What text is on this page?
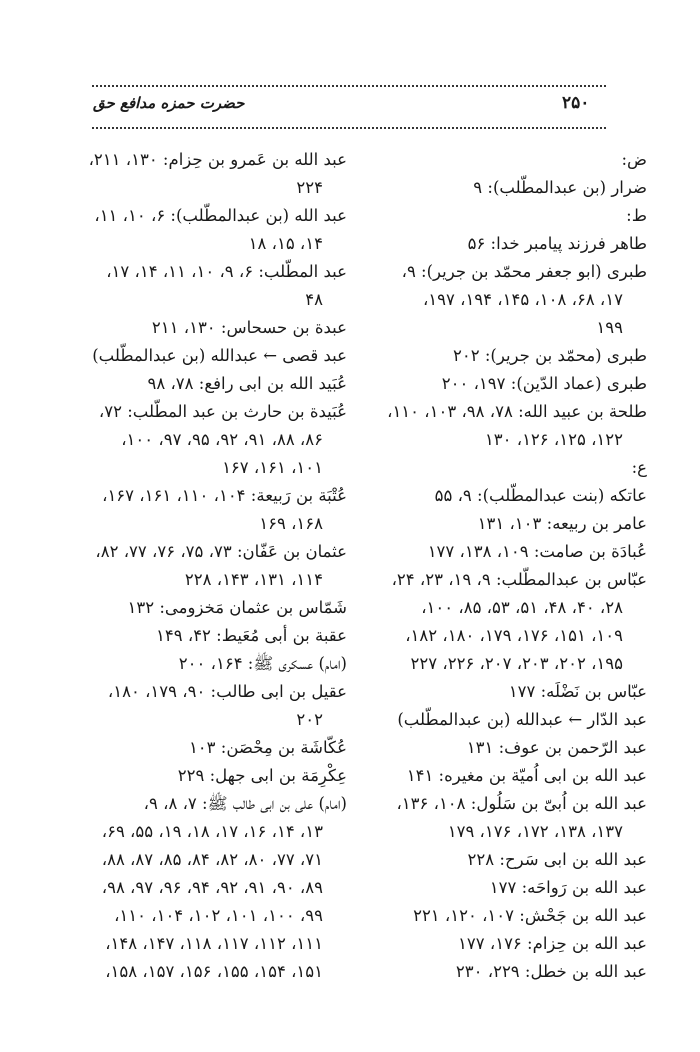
حضرت حمزه مدافع حق	۲۵۰
ض:
ضرار (بن عبدالمطّلب): ۹
ط:
طاهر فرزند پیامبر خدا: ۵۶
طبری (ابو جعفر محمّد بن جریر): ۹،
۱۷، ۶۸، ۱۰۸، ۱۴۵، ۱۹۴، ۱۹۷،
۱۹۹
طبری (محمّد بن جریر): ۲۰۲
طبری (عماد الدّین): ۱۹۷، ۲۰۰
طلحة بن عبید الله: ۷۸، ۹۸، ۱۰۳، ۱۱۰،
۱۲۲، ۱۲۵، ۱۲۶، ۱۳۰
ع:
عاتکه (بنت عبدالمطّلب): ۹، ۵۵
عامر بن ربیعه: ۱۰۳، ۱۳۱
عُبادَة بن صامت: ۱۰۹، ۱۳۸، ۱۷۷
عبّاس بن عبدالمطّلب: ۹، ۱۹، ۲۳، ۲۴،
۲۸، ۴۰، ۴۸، ۵۱، ۵۳، ۸۵، ۱۰۰،
۱۰۹، ۱۵۱، ۱۷۶، ۱۷۹، ۱۸۰، ۱۸۲،
۱۹۵، ۲۰۲، ۲۰۳، ۲۰۷، ۲۲۶، ۲۲۷
عبّاس بن نَضْلَه: ۱۷۷
عبد الدّار ← عبدالله (بن عبدالمطّلب)
عبد الرّحمن بن عوف: ۱۳۱
عبد الله بن ابی اُمیّة بن مغیره: ۱۴۱
عبد الله بن اُبیّ بن سَلُول: ۱۰۸، ۱۳۶،
۱۳۷، ۱۳۸، ۱۷۲، ۱۷۶، ۱۷۹
عبد الله بن ابی سَرح: ۲۲۸
عبد الله بن رَواحَه: ۱۷۷
عبد الله بن جَحْش: ۱۰۷، ۱۲۰، ۲۲۱
عبد الله بن حِزام: ۱۷۶، ۱۷۷
عبد الله بن خطل: ۲۲۹، ۲۳۰
عبد الله بن عَمرو بن حِزام: ۱۳۰، ۲۱۱،
۲۲۴
عبد الله (بن عبدالمطّلب): ۶، ۱۰، ۱۱،
۱۴، ۱۵، ۱۸
عبد المطّلب: ۶، ۹، ۱۰، ۱۱، ۱۴، ۱۷،
۴۸
عبدة بن حسحاس: ۱۳۰، ۲۱۱
عبد قصی ← عبدالله (بن عبدالمطّلب)
عُبَید الله بن ابی رافع: ۷۸، ۹۸
عُبَیدة بن حارث بن عبد المطّلب: ۷۲،
۸۶، ۸۸، ۹۱، ۹۲، ۹۵، ۹۷، ۱۰۰،
۱۰۱، ۱۶۱، ۱۶۷
عُتْبَة بن رَبیعة: ۱۰۴، ۱۱۰، ۱۶۱، ۱۶۷،
۱۶۸، ۱۶۹
عثمان بن عَفّان: ۷۳، ۷۵، ۷۶، ۷۷، ۸۲،
۱۱۴، ۱۳۱، ۱۴۳، ۲۲۸
شَمّاس بن عثمان مَخزومی: ۱۳۲
عقبة بن أبی مُعَیط: ۴۲، ۱۴۹
(امام) عسکری ﷺ: ۱۶۴، ۲۰۰
عقیل بن ابی طالب: ۹۰، ۱۷۹، ۱۸۰،
۲۰۲
عُکّاشَة بن مِحْصَن: ۱۰۳
عِکْرِمَة بن ابی جهل: ۲۲۹
(امام) علی بن ابی طالب ﷺ: ۷، ۸، ۹،
۱۳، ۱۴، ۱۶، ۱۷، ۱۸، ۱۹، ۵۵، ۶۹،
۷۱، ۷۷، ۸۰، ۸۲، ۸۴، ۸۵، ۸۷، ۸۸،
۸۹، ۹۰، ۹۱، ۹۲، ۹۴، ۹۶، ۹۷، ۹۸،
۹۹، ۱۰۰، ۱۰۱، ۱۰۲، ۱۰۴، ۱۱۰،
۱۱۱، ۱۱۲، ۱۱۷، ۱۱۸، ۱۴۷، ۱۴۸،
۱۵۱، ۱۵۴، ۱۵۵، ۱۵۶، ۱۵۷، ۱۵۸،
